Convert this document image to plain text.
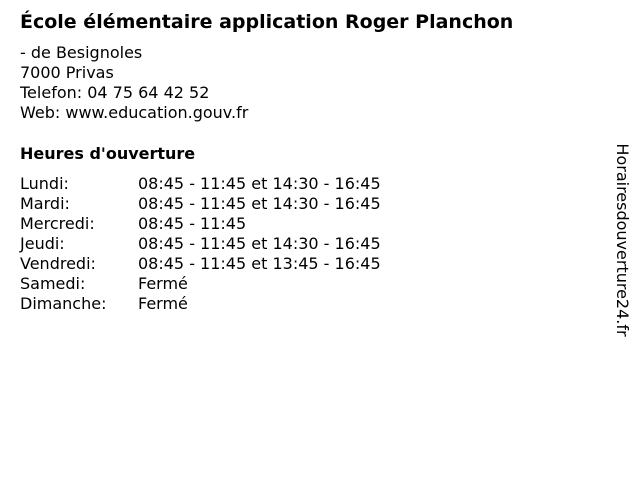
École élémentaire application Roger Planchon
- de Besignoles
7000 Privas
Telefon: 04 75 64 42 52
Web: www.education.gouv.fr
Heures d'ouverture
Lundi:	08:45 - 11:45 et 14:30 - 16:45
Mardi:	08:45 - 11:45 et 14:30 - 16:45
Mercredi:	08:45 - 11:45
Jeudi:	08:45 - 11:45 et 14:30 - 16:45
Vendredi:	08:45 - 11:45 et 13:45 - 16:45
Samedi:	Fermé
Dimanche:	Fermé	Horairesdouverture24.fr
